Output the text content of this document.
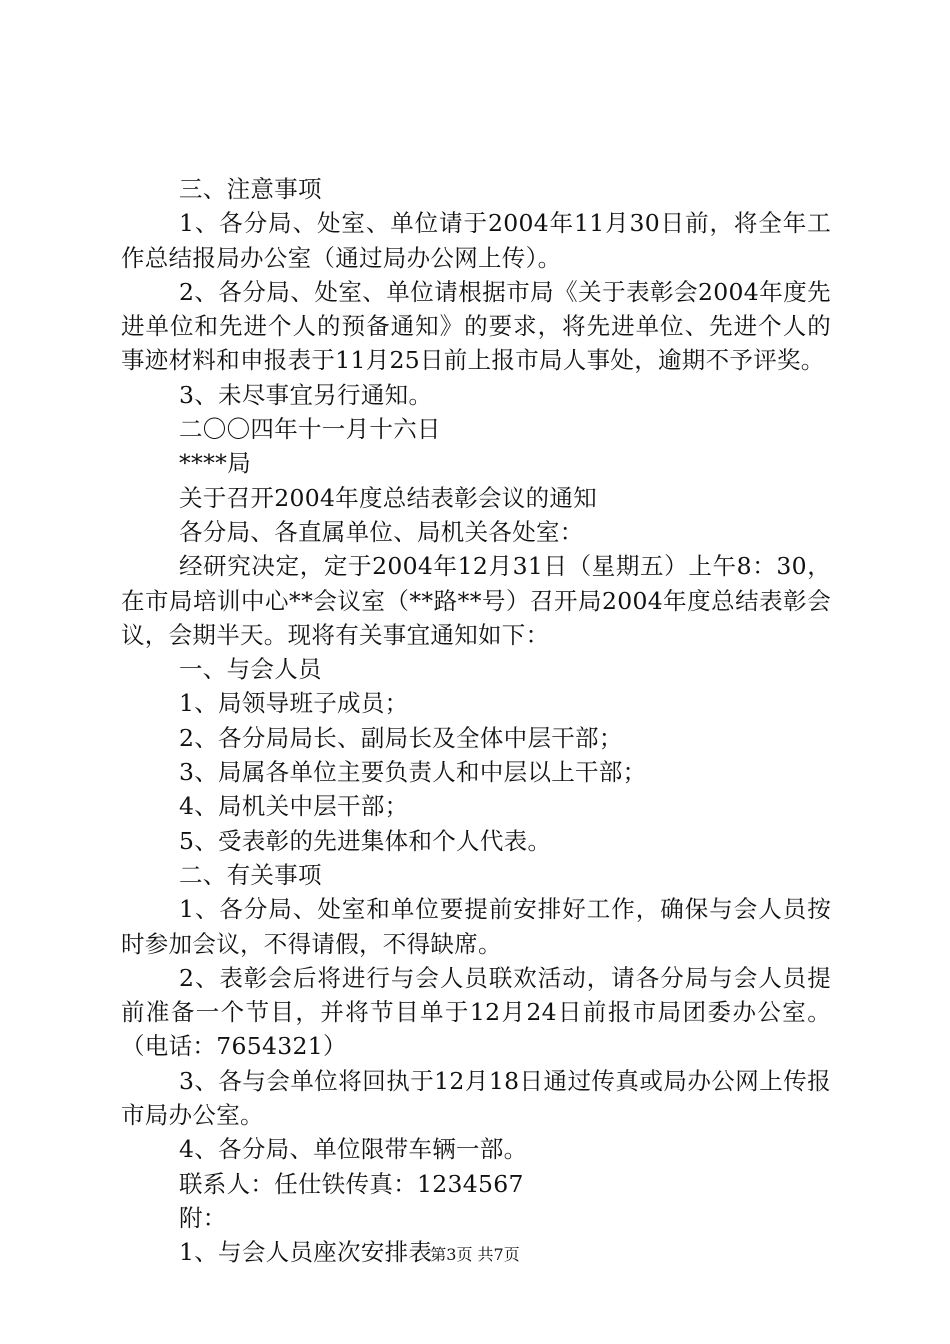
三、注意事项

1、各分局、处室、单位请于2004年11月30日前，将全年工作总结报局办公室（通过局办公网上传）。

2、各分局、处室、单位请根据市局《关于表彰会2004年度先进单位和先进个人的预备通知》的要求，将先进单位、先进个人的事迹材料和申报表于11月25日前上报市局人事处，逾期不予评奖。

3、未尽事宜另行通知。

二〇〇四年十一月十六日

****局

关于召开2004年度总结表彰会议的通知

各分局、各直属单位、局机关各处室：

经研究决定，定于2004年12月31日（星期五）上午8：30，在市局培训中心**会议室（**路**号）召开局2004年度总结表彰会议，会期半天。现将有关事宜通知如下：

一、与会人员

1、局领导班子成员；

2、各分局局长、副局长及全体中层干部；

3、局属各单位主要负责人和中层以上干部；

4、局机关中层干部；

5、受表彰的先进集体和个人代表。

二、有关事项

1、各分局、处室和单位要提前安排好工作，确保与会人员按时参加会议，不得请假，不得缺席。

2、表彰会后将进行与会人员联欢活动，请各分局与会人员提前准备一个节目，并将节目单于12月24日前报市局团委办公室。（电话：7654321）

3、各与会单位将回执于12月18日通过传真或局办公网上传报市局办公室。

4、各分局、单位限带车辆一部。

联系人：任仕铁传真：1234567

附：

1、与会人员座次安排表

第3页 共7页
